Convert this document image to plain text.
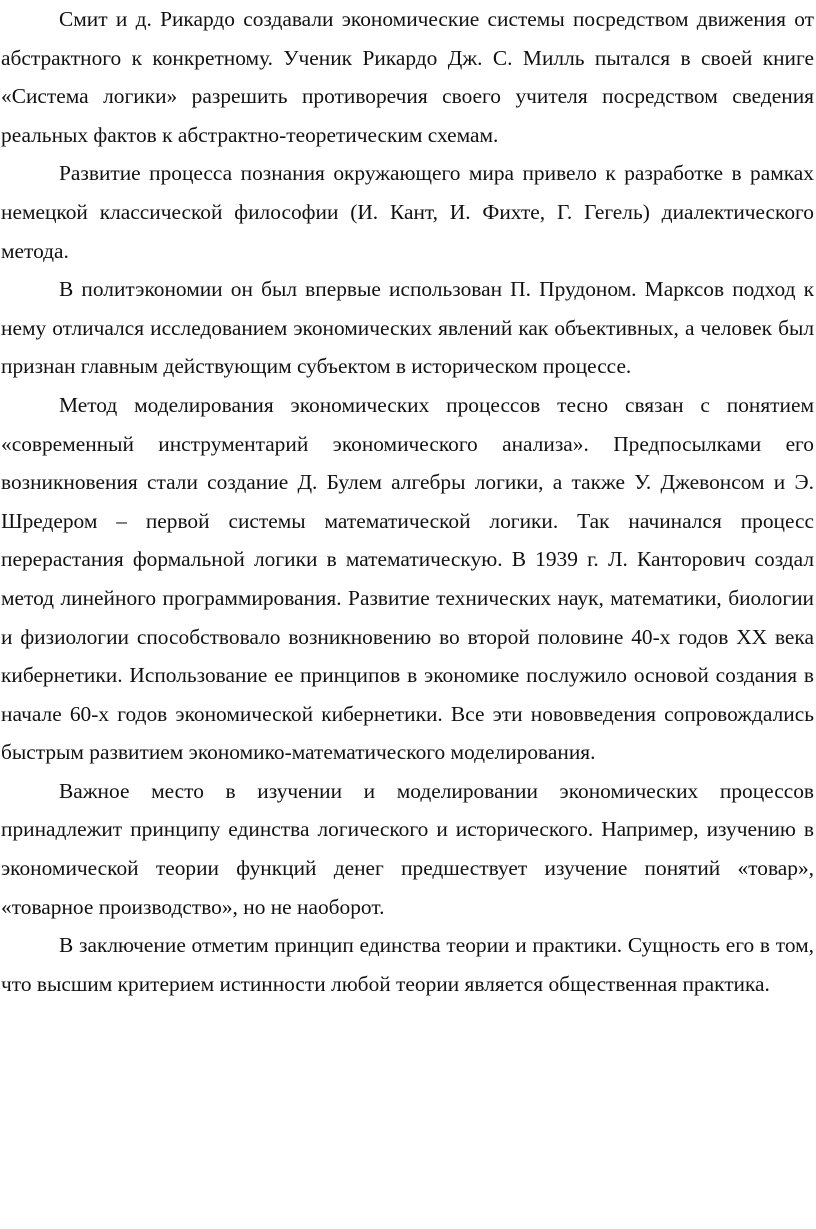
Смит и д. Рикардо создавали экономические системы посредством движения от абстрактного к конкретному. Ученик Рикардо Дж. С. Милль пытался в своей книге «Система логики» разрешить противоречия своего учителя посредством сведения реальных фактов к абстрактно-теоретическим схемам.

Развитие процесса познания окружающего мира привело к разработке в рамках немецкой классической философии (И. Кант, И. Фихте, Г. Гегель) диалектического метода.

В политэкономии он был впервые использован П. Прудоном. Марксов подход к нему отличался исследованием экономических явлений как объективных, а человек был признан главным действующим субъектом в историческом процессе.

Метод моделирования экономических процессов тесно связан с понятием «современный инструментарий экономического анализа». Предпосылками его возникновения стали создание Д. Булем алгебры логики, а также У. Джевонсом и Э. Шредером – первой системы математической логики. Так начинался процесс перерастания формальной логики в математическую. В 1939 г. Л. Канторович создал метод линейного программирования. Развитие технических наук, математики, биологии и физиологии способствовало возникновению во второй половине 40-х годов XX века кибернетики. Использование ее принципов в экономике послужило основой создания в начале 60-х годов экономической кибернетики. Все эти нововведения сопровождались быстрым развитием экономико-математического моделирования.

Важное место в изучении и моделировании экономических процессов принадлежит принципу единства логического и исторического. Например, изучению в экономической теории функций денег предшествует изучение понятий «товар», «товарное производство», но не наоборот.

В заключение отметим принцип единства теории и практики. Сущность его в том, что высшим критерием истинности любой теории является общественная практика.
